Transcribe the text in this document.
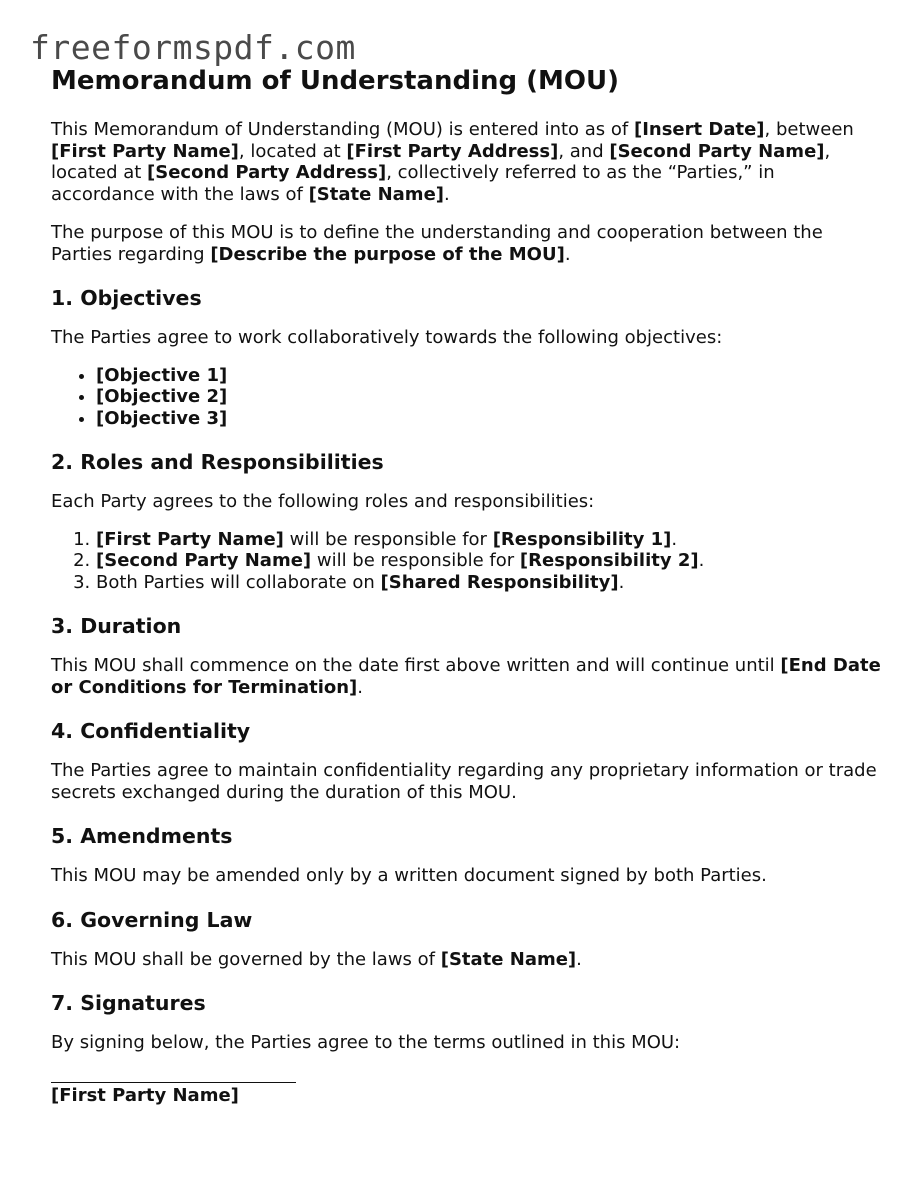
freeformspdf.com
Memorandum of Understanding (MOU)

This Memorandum of Understanding (MOU) is entered into as of [Insert Date], between [First Party Name], located at [First Party Address], and [Second Party Name], located at [Second Party Address], collectively referred to as the “Parties,” in accordance with the laws of [State Name].

The purpose of this MOU is to define the understanding and cooperation between the Parties regarding [Describe the purpose of the MOU].

1. Objectives

The Parties agree to work collaboratively towards the following objectives:

• [Objective 1]
• [Objective 2]
• [Objective 3]
2. Roles and Responsibilities

Each Party agrees to the following roles and responsibilities:

1. [First Party Name] will be responsible for [Responsibility 1].
2. [Second Party Name] will be responsible for [Responsibility 2].
3. Both Parties will collaborate on [Shared Responsibility].
3. Duration

This MOU shall commence on the date first above written and will continue until [End Date or Conditions for Termination].

4. Confidentiality

The Parties agree to maintain confidentiality regarding any proprietary information or trade secrets exchanged during the duration of this MOU.

5. Amendments

This MOU may be amended only by a written document signed by both Parties.

6. Governing Law

This MOU shall be governed by the laws of [State Name].

7. Signatures

By signing below, the Parties agree to the terms outlined in this MOU:

[First Party Name]
